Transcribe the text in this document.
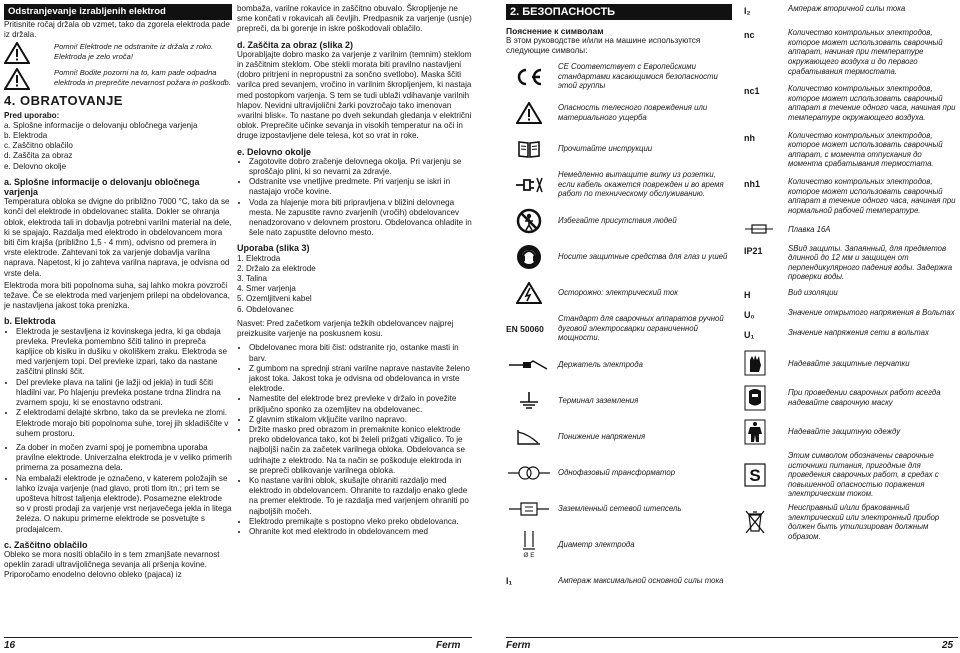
Odstranjevanje izrabljenih elektrod

Pritisnite ročaj držala ob vzmet, tako da zgorela elektroda pade iz držala.

Pomni! Elektrode ne odstranite iz držala z roko. Elektroda je zelo vroča!
Pomni! Bodite pozorni na to, kam pade odpadna elektroda in preprečite nevarnost požara in poškodb.
4. OBRATOVANJE
Pred uporabo:
a. Splošne informacije o delovanju obločnega varjenja
b. Elektroda
c. Zaščitno oblačilo
d. Zaščita za obraz
e. Delovno okolje
a. Splošne informacije o delovanju obločnega varjenja

Temperatura obloka se dvigne do približno 7000 °C, tako da se konči del elektrode in obdelovanec stalita. Dokler se ohranja oblok, elektroda tali in dobavlja potrebni varilni material na dele, ki se spajajo. Razdalja med elektrodo in obdelovancem mora biti čim krajša (približno 1,5 - 4 mm), odvisno od premera in vrste elektrode. Zahtevani tok za varjenje dobavlja varilna naprava. Napetost, ki jo zahteva varilna naprava, je odvisna od vrste dela.

Elektroda mora biti popolnoma suha, saj lahko mokra povzroči težave. Če se elektroda med varjenjem prilepi na obdelovanca, je nastavljena jakost toka prenizka.

b. Elektroda
• Elektroda je sestavljena iz kovinskega jedra, ki ga obdaja prevleka. Prevleka pomembno ščiti talino in prepreča kapljice ob kisiku in dušiku v okoliškem zraku. Elektroda se med varjenjem topi. Del prevleke izpari, tako da nastane zaščitni plinski ščit.
• Del prevleke plava na talini (je lažji od jekla) in tudi ščiti hladilni var. Po hlajenju prevleka postane trdna žlindra na zvarnem spoju, ki se enostavno odstrani.
• Z elektrodami delajte skrbno, tako da se prevleka ne zlomi. Elektrode morajo biti popolnoma suhe, torej jih skladiščite v suhem prostoru.
• Za dober in močen zvarni spoj je pomembna uporaba pravilne elektrode. Univerzalna elektroda je v veliko primerih primerna za posamezna dela.
• Na embalaži elektrode je označeno, v katerem položajih se lahko izvaja varjenje (nad glavo, proti tlom itn.; pri tem se upošteva hitrost taljenja elektrode). Posamezne elektrode so v prosti prodaji za varjenje vrst nerjavečega jekla in litega železa. O nakupu primerne elektrode se posvetujte s prodajalcem.
c. Zaščitno oblačilo

Obleko se mora nositi oblačilo in s tem zmanjšate nevarnost opeklin zaradi ultravijoličnega sevanja ali pršenja kovine. Priporočamo enodelno delovno obleko (pajaca) iz

bombaža, varilne rokavice in zaščitno obuvalo. Škropljenje ne sme končati v rokavicah ali čevljih. Predpasnik za varjenje (usnje) prepreči, da bi gorenje in iskre poškodovali oblačilo.

d. Zaščita za obraz (slika 2)

Uporabljajte dobro masko za varjenje z varilnim (temnim) steklom in zaščitnim steklom. Obe stekli morata biti pravilno nastavljeni (dobro pritrjeni in nepropustni za sončno svetlobo). Maska ščiti varilca pred sevanjem, vročino in varilnim škropljenjem, ki nastaja med postopkom varjenja. S tem se tudi ublaži vdihavanje varilnih hlapov. Nevidni ultravijolični žarki povzročajo tako imenovan »varilni blisk«. To nastane po dveh sekundah gledanja v električni oblok. Preprečite učinke sevanja in visokih temperatur na oči in druge izpostavljene dele telesa, kot so vrat in roke.

e. Delovno okolje
• Zagotovite dobro zračenje delovnega okolja. Pri varjenju se sproščajo plini, ki so nevarni za zdravje.
• Odstranite vse vnetljive predmete. Pri varjenju se iskri in nastajajo vroče kovine.
• Voda za hlajenje mora biti pripravljena v bližini delovnega mesta. Ne zapustite ravno zvarjenih (vročih) obdelovancev nenadzorovano v delovnem prostoru. Obdelovanca ohladite in šele nato zapustite delovno mesto.
Uporaba (slika 3)
1. Elektroda
2. Držalo za elektrode
3. Talina
4. Smer varjenja
5. Ozemljitveni kabel
6. Obdelovanec

Nasvet: Pred začetkom varjenja težkih obdelovancev najprej preizkusite varjenje na poskusnem kosu.

• Obdelovanec mora biti čist: odstranite rjo, ostanke masti in barv.
• Z gumbom na sprednji strani varilne naprave nastavite želeno jakost toka. Jakost toka je odvisna od obdelovanca in vrste elektrode.
• Namestite del elektrode brez prevleke v držalo in povežite priključno sponko za ozemljitev na obdelovanec.
• Z glavnim stikalom vključite varilno napravo.
• Držite masko pred obrazom in premaknite konico elektrode preko obdelovanca tako, kot bi želeli prižgati vžigalico. To je najboljši način za začetek varilnega obloka. Obdelovanca se udrihajte z elektrodo. Na ta način se poškoduje elektroda in se prepreči oblikovanje varilnega obloka.
• Ko nastane varilni oblok, skušajte ohraniti razdaljo med elektrodo in obdelovancem. Ohranite to razdaljo enako glede na premer elektrode. To je razdalja med varjenjem ohraniti po najboljših močeh.
• Elektrodo premikajte s postopno vleko preko obdelovanca.
• Ohranite kot med elektrodo in obdelovancem med
16	Ferm
2. БЕЗОПАСНОСТЬ
Пояснение к символам

В этом руководстве и/или на машине используются следующие символы:

CE Соответствует с Европейскими стандартами касающимися безопасности этой группы
Опасность телесного повреждения или материального ущерба
Прочитайте инструкции
Немедленно вытащите вилку из розетки, если кабель окажется поврежден и во время работ по техническому обслуживанию.
Избегайте присутствия людей
Носите защитные средства для глаз и ушей
Осторожно: электрический ток
EN 50060
Стандарт для сварочных аппаратов ручной дуговой электросварки ограниченной мощности.
Держатель электрода
Терминал заземления
Понижение напряжения
Однофазовый трансформатор
Заземленный сетевой штепсель
Ø E
Диаметр электрода
I₁	Ампераж максимальной основной силы тока
I₂	Ампераж вторичной силы тока
nc	Количество контрольных электродов, которое может использовать сварочный аппарат, начиная при температуре окружающего воздуха и до первого срабатывания термостата.
nc1	Количество контрольных электродов, которое может использовать сварочный аппарат в течение одного часа, начиная при температуре окружающего воздуха.
nh	Количество контрольных электродов, которое может использовать сварочный аппарат, с момента отпускания до момента срабатывания термостата.
nh1	Количество контрольных электродов, которое может использовать сварочный аппарат в течение одного часа, начиная при нормальной рабочей температуре.
Плавка 16А
IP21	SВид защиты. Запаянный, для предметов длинной до 12 мм и защищен от перпендикулярного падения воды. Задержка проверки воды.
H	Вид изоляции
U₀	Значение открытого напряжения в Вольтах
U₁	Значение напряжения сети в вольтах
Надевайте защитные перчатки
При проведении сварочных работ всегда надевайте сварочную маску
Надевайте защитную одежду
S
Этим символом обозначены сварочные источники питания, пригодные для проведения сварочных работ, в средах с повышенной опасностью поражения электрическим током.
Неисправный и/или бракованный электрический или электронный прибор должен быть утилизирован должным образом.
Ferm	25
